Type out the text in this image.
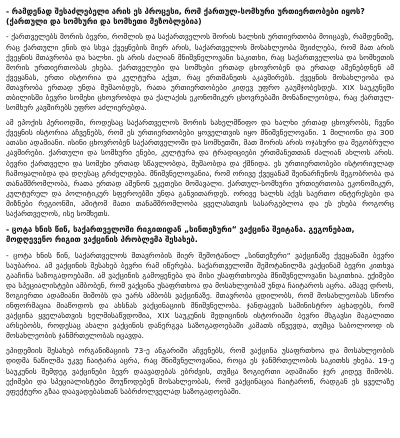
- რამდენად შესაძლებელი არის ეს პროცესი, რომ ქართულ-სომხური ურთიერთობები იყოს? (ქართული და სომხური და სომხეთი მეზობლებია)

- ქართველებს შორის ბევრი, რომლის და საქართველოს შორის ხალხის ურთიერთობა მოიცავს, რამდენიმე, რაც ქართული ენის და სხვა ქვეყნების მიერ არის, საქართველოს მოსახლეობა შეიძლება, რომ მათ არის ქვეყნის მთავრობა და ხალხი. ეს არის ძალიან მნიშვნელოვანი საკითხი, რაც საქართველოსა და სომხეთის შორის ურთიერთობას ეხება. ქართველები და სომხები ერთად ცხოვრობენ და ერთად აშენებდნენ ამ ქვეყანას, ერთი ისტორია და კულტურა აქვთ, რაც ერთმანეთს აკავშირებს. ქვეყნის მოსახლეობა და მთავრობა ერთად უნდა მუშაობდეს, რათა ურთიერთობები კიდევ უფრო გაუმჯობესდეს. XIX საუკუნეში თბილისში ბევრი სომეხი ცხოვრობდა და ქალაქის ეკონომიკურ ცხოვრებაში მონაწილეობდა, რაც ქართულ-სომხურ კავშირებს უფრო აძლიერებდა.

ამ ეპოქის პერიოდში, როდესაც საქართველოს შორის სახელმწიფო და ხალხი ერთად ცხოვრობს, ჩვენი ქვეყნის ისტორია აჩვენებს, რომ ეს ურთიერთობები ყოველთვის იყო მნიშვნელოვანი. 1 მილიონი და 300 ათასი ადამიანი. ისინი ცხოვრობენ საქართველოში და სომხეთში, მათ შორის არის ოჯახური და მეგობრული კავშირები. ქართული და სომხური ენები, კულტურა და ტრადიციები ერთმანეთთან ძალიან ახლოს არის. ბევრი ქართველი და სომეხი ერთად სწავლობდა, მუშაობდა და ქმნიდა. ეს ურთიერთობები ისტორიულად ჩამოყალიბდა და დღესაც გრძელდება. მნიშვნელოვანია, რომ ორივე ქვეყანამ შეინარჩუნოს მეგობრობა და თანამშრომლობა, რათა ერთად აშენონ უკეთესი მომავალი. ქართულ-სომხური ურთიერთობა ეკონომიკურ, კულტურულ და პოლიტიკურ სფეროებში უნდა განვითარდეს. ორივე ხალხს აქვს საერთო ინტერესები და მიზნები რეგიონში, ამიტომ მათი თანამშრომლობა ყველასთვის სასარგებლოა და ეს ეხება როგორც საქართველოს, ისე სომხეთს.

- ცოტა ხნის წინ, საქართველოში რიგითიდან „სინთეზური“ ვაქცინა შეიტანა. გეგონებათ, მოდღევენო რიგით ვაქცინის პრობლემა შესახებ.

- ცოტა ხნის წინ, საქართველოს მთავრობის მიერ შემოტანილ „სინთეზური“ ვაქცინაზე ქვეყანაში ბევრი საუბარია. ამ ვაქცინის შესახებ ბევრი რამ იწერება. საქართველოში შემოტანილმა ვაქცინამ ბევრი კითხვა გააჩინა საზოგადოებაში. ამ ვაქცინის გამოყენება და მისი უსაფრთხოება მნიშვნელოვანი საკითხია. ექიმები და სპეციალისტები ამბობენ, რომ ვაქცინა უსაფრთხოა და მოსახლეობამ უნდა ჩაიტაროს აცრა. ამავე დროს, ზოგიერთი ადამიანი შიშობს და უარს ამბობს ვაქცინაზე. მთავრობა ცდილობს, რომ მოსახლეობას სწორი ინფორმაცია მიაწოდოს და ახსნას ვაქცინაციის მნიშვნელობა. ჯანდაცვის სამინისტრო აცხადებს, რომ ვაქცინა ყველასთვის ხელმისაწვდომია, XIX საუკუნის მედიცინის ისტორიაში ბევრი მსგავსი მაგალითი არსებობს, როდესაც ახალი ვაქცინის დანერგვა საზოგადოებაში კამათს იწვევდა, თუმცა საბოლოოდ ის მოსახლეობის ჯანმრთელობას იცავდა.

ეპიდემიის შესახებ ორგანიზაციის 73-ე ანგარიში აჩვენებს, რომ ვაქცინა უსაფრთხოა და მოსახლეობის დიდმა ნაწილმა უკვე ჩაიტარა აცრა, რაც მნიშვნელოვანია, როცა ეს ჯანმრთელობის საკითხს ეხება. 19-ე საუკუნის შემდეგ ვაქცინები ბევრ დაავადებას ებრძვის, თუმცა ზოგიერთი ადამიანი ჯერ კიდევ შიშობს. ექიმები და სპეციალისტები მოუწოდებენ მოსახლეობას, რომ ვაქცინაცია ჩაიტარონ, რადგან ეს ყველაზე ეფექტური გზაა დაავადებასთან საბრძოლველად საზოგადოებაში.
